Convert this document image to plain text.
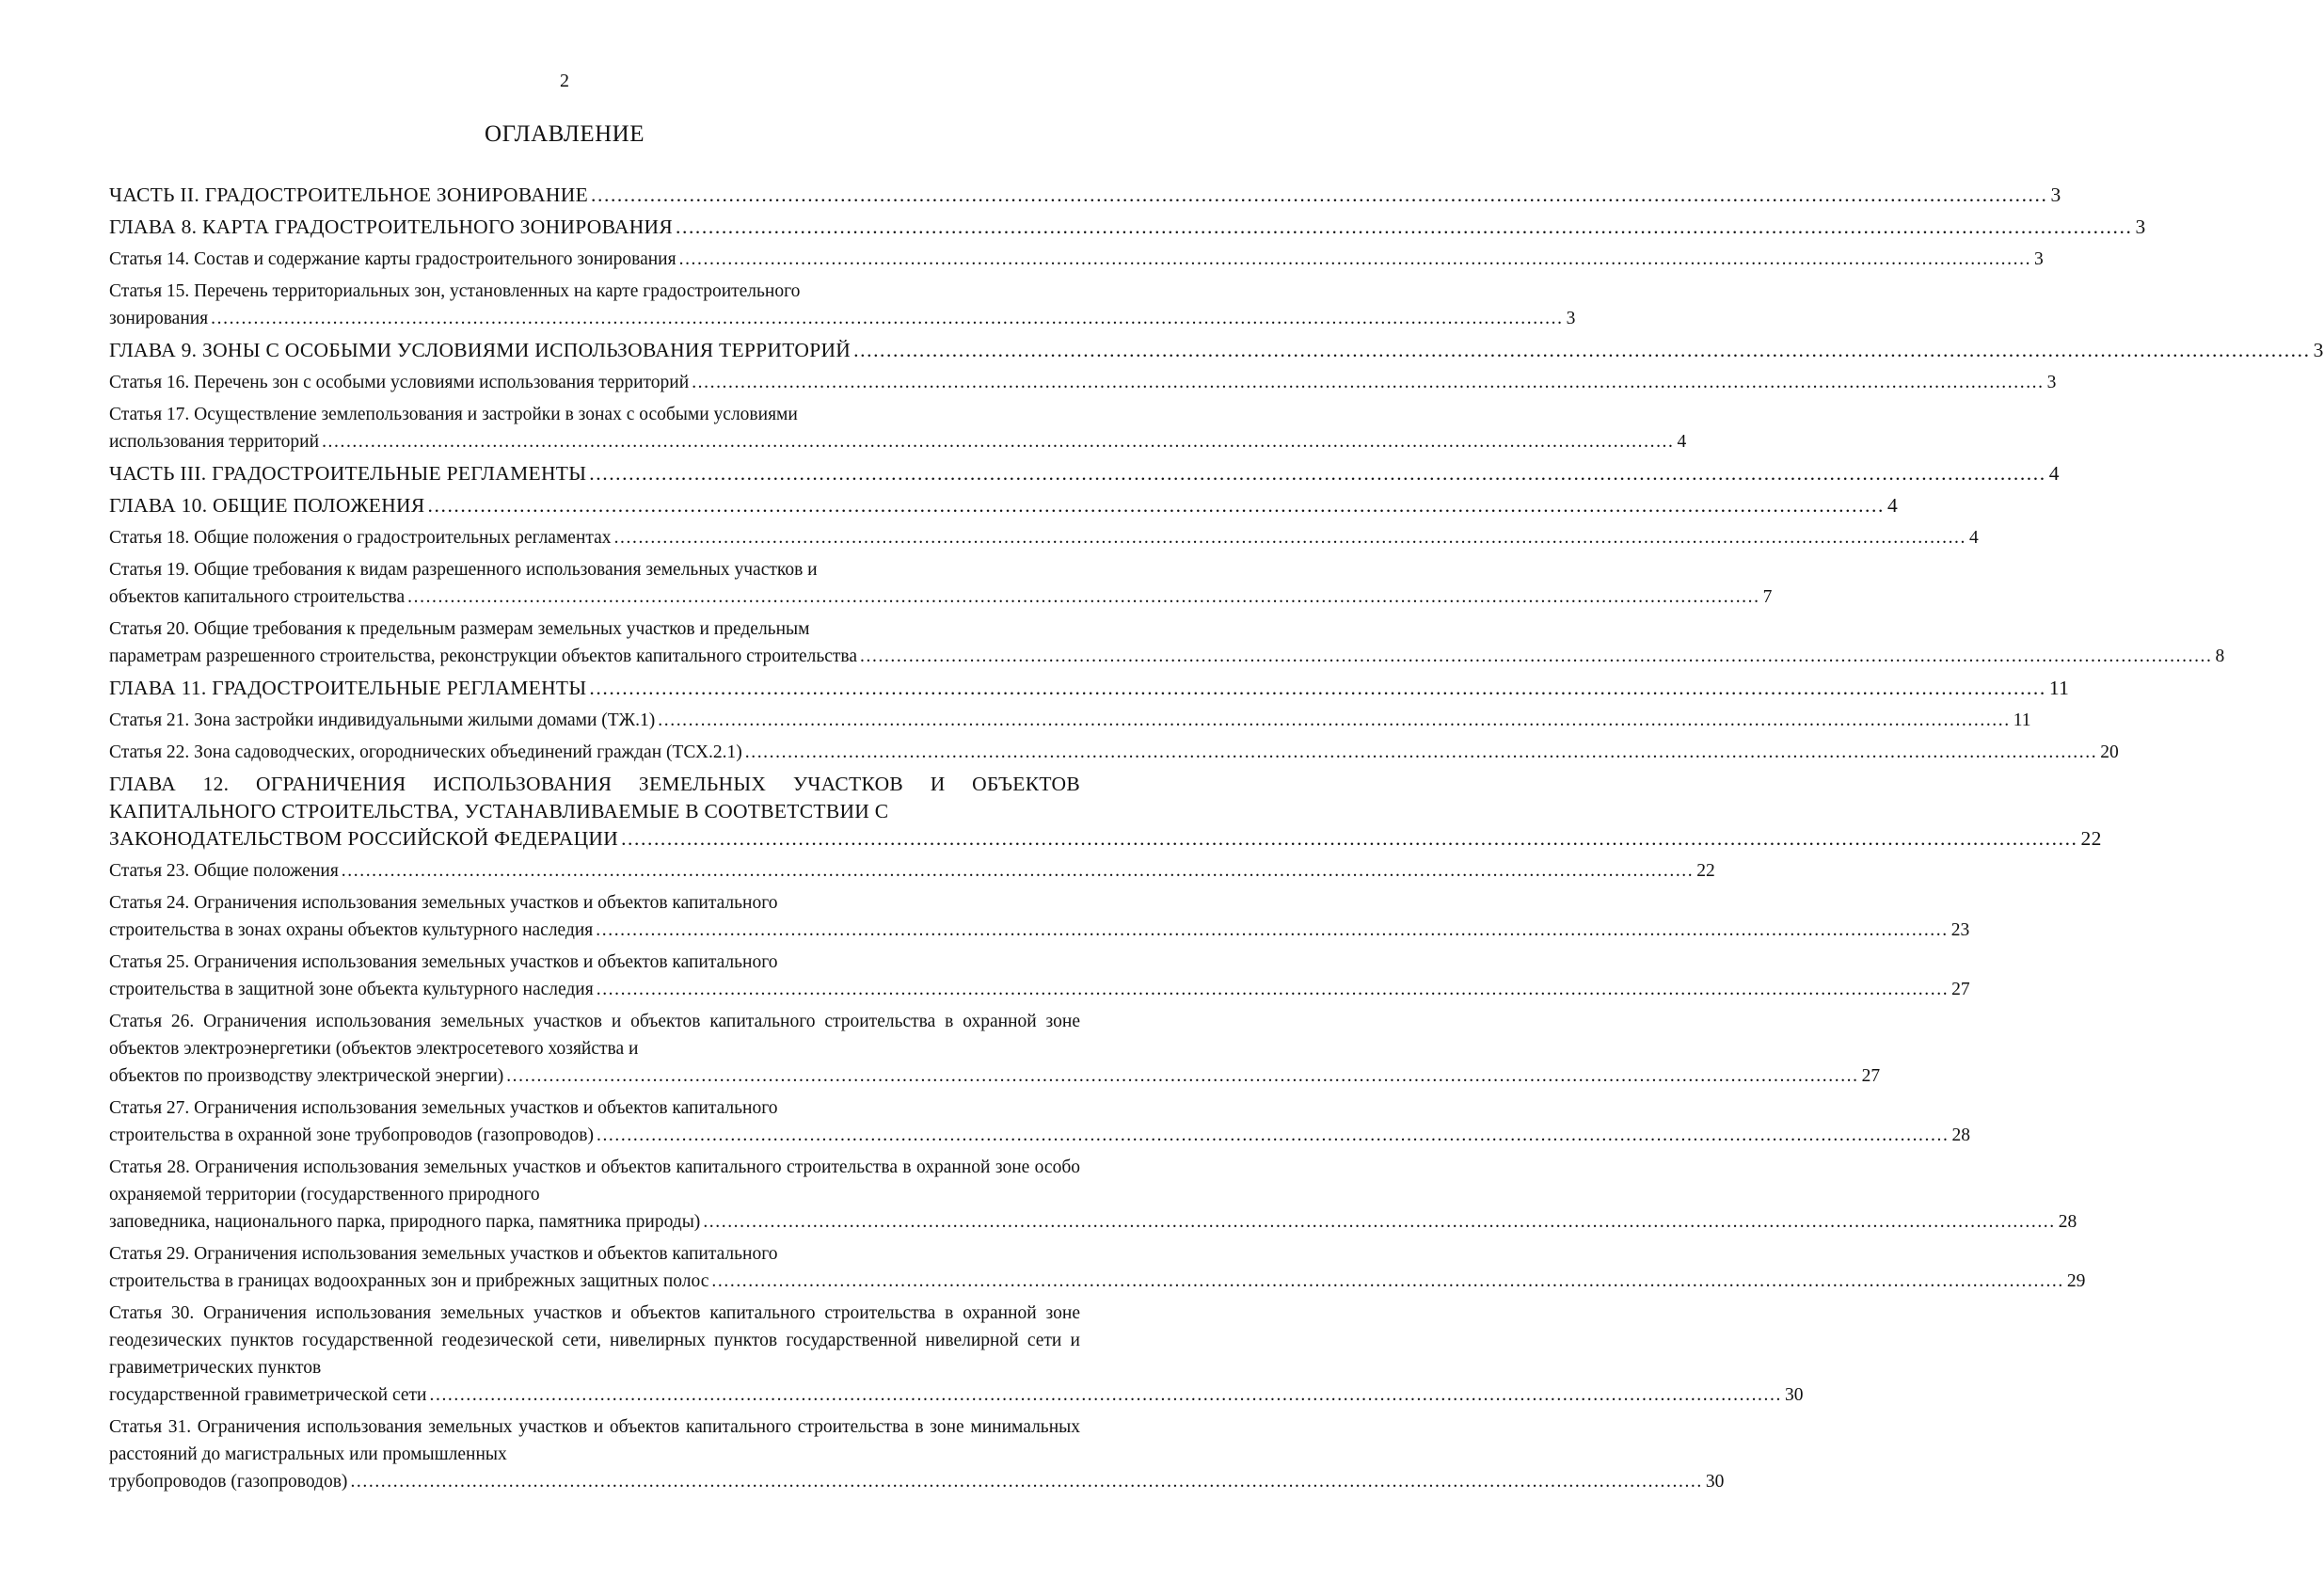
2
ОГЛАВЛЕНИЕ
ЧАСТЬ II. ГРАДОСТРОИТЕЛЬНОЕ ЗОНИРОВАНИЕ .....	3
ГЛАВА 8. КАРТА ГРАДОСТРОИТЕЛЬНОГО ЗОНИРОВАНИЯ .....	3
Статья 14. Состав и содержание карты градостроительного зонирования .....	3
Статья 15. Перечень территориальных зон, установленных на карте градостроительного
зонирования .....	3
ГЛАВА 9. ЗОНЫ С ОСОБЫМИ УСЛОВИЯМИ ИСПОЛЬЗОВАНИЯ ТЕРРИТОРИЙ .....	3
Статья 16. Перечень зон с особыми условиями использования территорий .....	3
Статья 17. Осуществление землепользования и застройки в зонах с особыми условиями
использования территорий .....	4
ЧАСТЬ III. ГРАДОСТРОИТЕЛЬНЫЕ РЕГЛАМЕНТЫ .....	4
ГЛАВА 10. ОБЩИЕ ПОЛОЖЕНИЯ .....	4
Статья 18. Общие положения о градостроительных регламентах .....	4
Статья 19. Общие требования к видам разрешенного использования земельных участков и
объектов капитального строительства .....	7
Статья 20. Общие требования к предельным размерам земельных участков и предельным
параметрам разрешенного строительства, реконструкции объектов капитального строительства .....	8
ГЛАВА 11. ГРАДОСТРОИТЕЛЬНЫЕ РЕГЛАМЕНТЫ .....	11
Статья 21. Зона застройки индивидуальными жилыми домами (ТЖ.1) .....	11
Статья 22. Зона садоводческих, огороднических объединений граждан (ТСХ.2.1) .....	20
ГЛАВА 12. ОГРАНИЧЕНИЯ ИСПОЛЬЗОВАНИЯ ЗЕМЕЛЬНЫХ УЧАСТКОВ И ОБЪЕКТОВ КАПИТАЛЬНОГО СТРОИТЕЛЬСТВА, УСТАНАВЛИВАЕМЫЕ В СООТВЕТСТВИИ С
ЗАКОНОДАТЕЛЬСТВОМ РОССИЙСКОЙ ФЕДЕРАЦИИ .....	22
Статья 23. Общие положения .....	22
Статья 24. Ограничения использования земельных участков и объектов капитального
строительства в зонах охраны объектов культурного наследия .....	23
Статья 25. Ограничения использования земельных участков и объектов капитального
строительства в защитной зоне объекта культурного наследия .....	27
Статья 26. Ограничения использования земельных участков и объектов капитального строительства в охранной зоне объектов электроэнергетики (объектов электросетевого хозяйства и
объектов по производству электрической энергии) .....	27
Статья 27. Ограничения использования земельных участков и объектов капитального
строительства в охранной зоне трубопроводов (газопроводов) .....	28
Статья 28. Ограничения использования земельных участков и объектов капитального строительства в охранной зоне особо охраняемой территории (государственного природного
заповедника, национального парка, природного парка, памятника природы) .....	28
Статья 29. Ограничения использования земельных участков и объектов капитального
строительства в границах водоохранных зон и прибрежных защитных полос .....	29
Статья 30. Ограничения использования земельных участков и объектов капитального строительства в охранной зоне геодезических пунктов государственной геодезической сети, нивелирных пунктов государственной нивелирной сети и гравиметрических пунктов
государственной гравиметрической сети .....	30
Статья 31. Ограничения использования земельных участков и объектов капитального строительства в зоне минимальных расстояний до магистральных или промышленных
трубопроводов (газопроводов) .....	30
